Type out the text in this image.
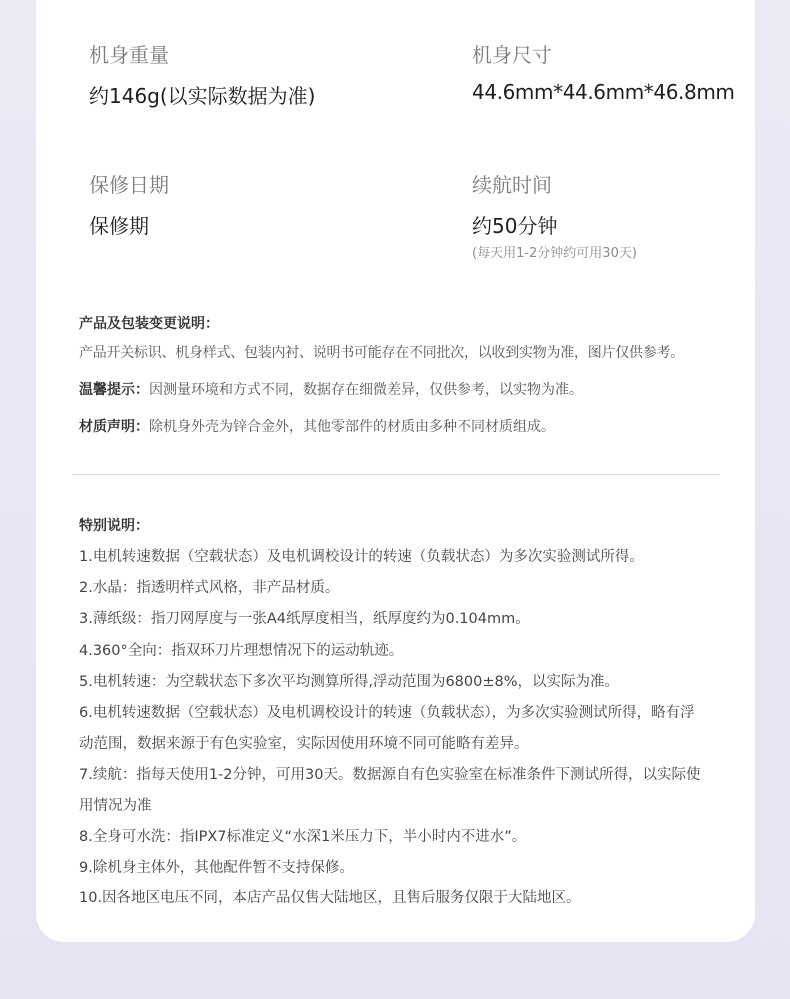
机身重量
约146g(以实际数据为准)
机身尺寸
44.6mm*44.6mm*46.8mm
保修日期
保修期
续航时间
约50分钟
(每天用1-2分钟约可用30天)
产品及包装变更说明：
产品开关标识、机身样式、包装内衬、说明书可能存在不同批次，以收到实物为准，图片仅供参考。
温馨提示：因测量环境和方式不同，数据存在细微差异，仅供参考，以实物为准。
材质声明：除机身外壳为锌合金外，其他零部件的材质由多种不同材质组成。
特别说明：
1.电机转速数据（空载状态）及电机调校设计的转速（负载状态）为多次实验测试所得。
2.水晶：指透明样式风格，非产品材质。
3.薄纸级：指刀网厚度与一张A4纸厚度相当，纸厚度约为0.104mm。
4.360°全向：指双环刀片理想情况下的运动轨迹。
5.电机转速：为空载状态下多次平均测算所得,浮动范围为6800±8%，以实际为准。
6.电机转速数据（空载状态）及电机调校设计的转速（负载状态），为多次实验测试所得，略有浮
动范围，数据来源于有色实验室，实际因使用环境不同可能略有差异。
7.续航：指每天使用1-2分钟，可用30天。数据源自有色实验室在标准条件下测试所得，以实际使
用情况为准
8.全身可水洗：指IPX7标准定义“水深1米压力下，半小时内不进水”。
9.除机身主体外，其他配件暂不支持保修。
10.因各地区电压不同，本店产品仅售大陆地区，且售后服务仅限于大陆地区。
